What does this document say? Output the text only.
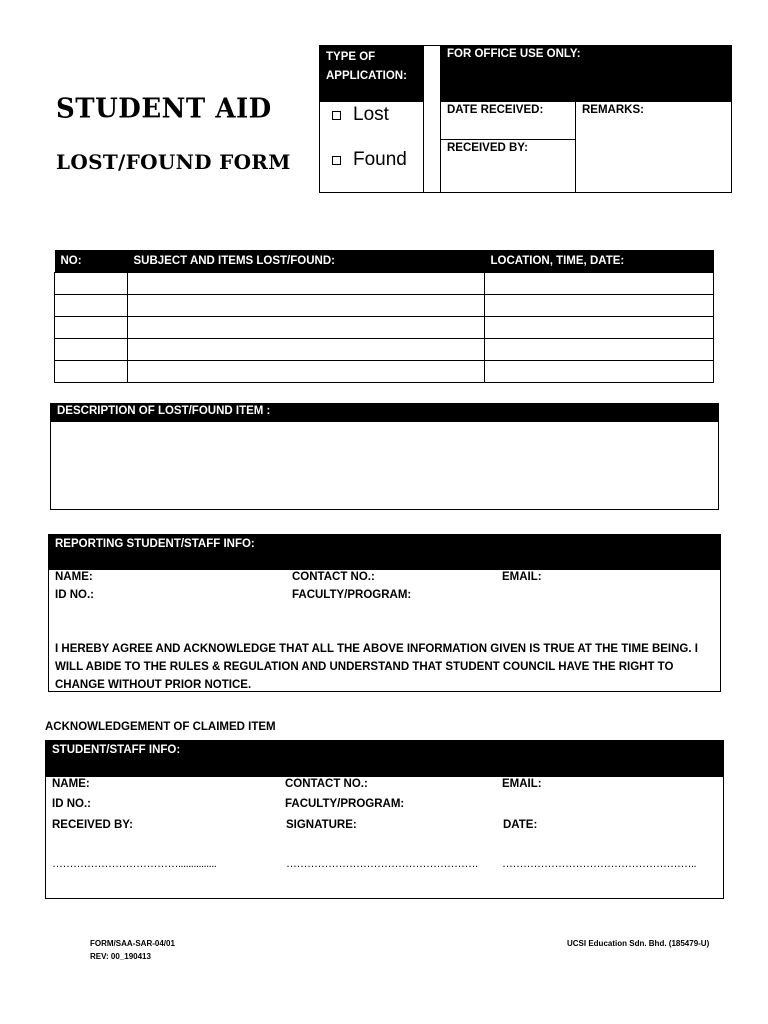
STUDENT AID
LOST/FOUND FORM
TYPE OF APPLICATION:
FOR OFFICE USE ONLY:
Lost
Found
DATE RECEIVED:	REMARKS:
RECEIVED BY:
NO:	SUBJECT AND ITEMS LOST/FOUND:	LOCATION, TIME, DATE:

DESCRIPTION OF LOST/FOUND ITEM :
REPORTING STUDENT/STAFF INFO:
NAME:	CONTACT NO.:	EMAIL:
ID NO.:	FACULTY/PROGRAM:
I HEREBY AGREE AND ACKNOWLEDGE THAT ALL THE ABOVE INFORMATION GIVEN IS TRUE AT THE TIME BEING. I
WILL ABIDE TO THE RULES & REGULATION AND UNDERSTAND THAT STUDENT COUNCIL HAVE THE RIGHT TO
CHANGE WITHOUT PRIOR NOTICE.
ACKNOWLEDGEMENT OF CLAIMED ITEM
STUDENT/STAFF INFO:
NAME:	CONTACT NO.:	EMAIL:
ID NO.:	FACULTY/PROGRAM:
RECEIVED BY:	SIGNATURE:	DATE:
………………………………...............	………………………………………………. ………………………………………………..
FORM/SAA-SAR-04/01
REV: 00_190413
UCSI Education Sdn. Bhd. (185479-U)
